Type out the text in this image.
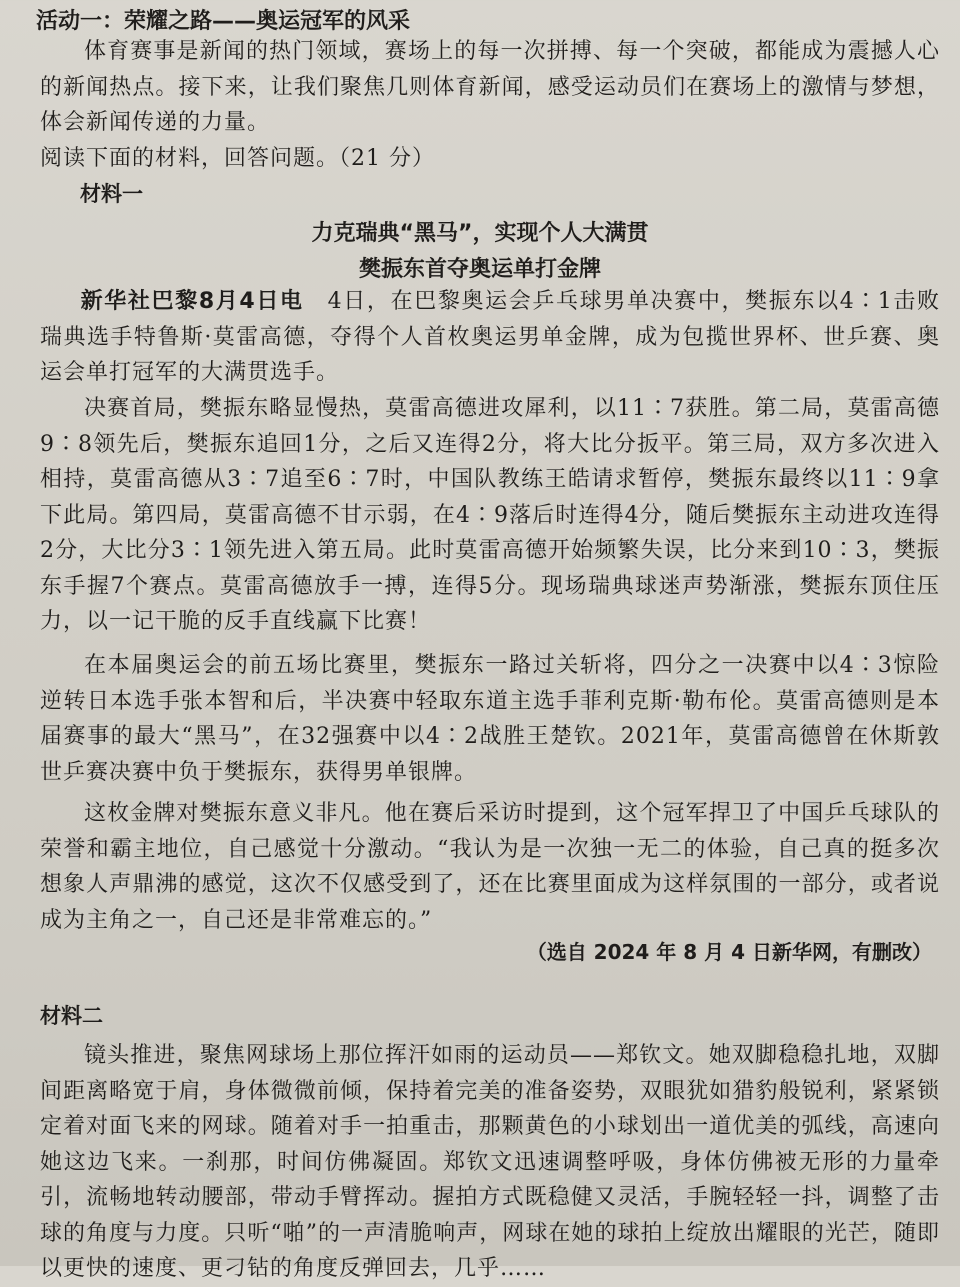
活动一：荣耀之路——奥运冠军的风采

体育赛事是新闻的热门领域，赛场上的每一次拼搏、每一个突破，都能成为震撼人心的新闻热点。接下来，让我们聚焦几则体育新闻，感受运动员们在赛场上的激情与梦想，体会新闻传递的力量。

阅读下面的材料，回答问题。（21 分）

材料一
力克瑞典“黑马”，实现个人大满贯
樊振东首夺奥运单打金牌

新华社巴黎8月4日电 4日，在巴黎奥运会乒乓球男单决赛中，樊振东以4∶1击败瑞典选手特鲁斯·莫雷高德，夺得个人首枚奥运男单金牌，成为包揽世界杯、世乒赛、奥运会单打冠军的大满贯选手。

决赛首局，樊振东略显慢热，莫雷高德进攻犀利，以11∶7获胜。第二局，莫雷高德9∶8领先后，樊振东追回1分，之后又连得2分，将大比分扳平。第三局，双方多次进入相持，莫雷高德从3∶7追至6∶7时，中国队教练王皓请求暂停，樊振东最终以11∶9拿下此局。第四局，莫雷高德不甘示弱，在4∶9落后时连得4分，随后樊振东主动进攻连得2分，大比分3∶1领先进入第五局。此时莫雷高德开始频繁失误，比分来到10∶3，樊振东手握7个赛点。莫雷高德放手一搏，连得5分。现场瑞典球迷声势渐涨，樊振东顶住压力，以一记干脆的反手直线赢下比赛！

在本届奥运会的前五场比赛里，樊振东一路过关斩将，四分之一决赛中以4∶3惊险逆转日本选手张本智和后，半决赛中轻取东道主选手菲利克斯·勒布伦。莫雷高德则是本届赛事的最大“黑马”，在32强赛中以4∶2战胜王楚钦。2021年，莫雷高德曾在休斯敦世乒赛决赛中负于樊振东，获得男单银牌。

这枚金牌对樊振东意义非凡。他在赛后采访时提到，这个冠军捍卫了中国乒乓球队的荣誉和霸主地位，自己感觉十分激动。“我认为是一次独一无二的体验，自己真的挺多次想象人声鼎沸的感觉，这次不仅感受到了，还在比赛里面成为这样氛围的一部分，或者说成为主角之一，自己还是非常难忘的。”

（选自 2024 年 8 月 4 日新华网，有删改）
材料二

镜头推进，聚焦网球场上那位挥汗如雨的运动员——郑钦文。她双脚稳稳扎地，双脚间距离略宽于肩，身体微微前倾，保持着完美的准备姿势，双眼犹如猎豹般锐利，紧紧锁定着对面飞来的网球。随着对手一拍重击，那颗黄色的小球划出一道优美的弧线，高速向她这边飞来。一刹那，时间仿佛凝固。郑钦文迅速调整呼吸，身体仿佛被无形的力量牵引，流畅地转动腰部，带动手臂挥动。握拍方式既稳健又灵活，手腕轻轻一抖，调整了击球的角度与力度。只听“啪”的一声清脆响声，网球在她的球拍上绽放出耀眼的光芒，随即以更快的速度、更刁钻的角度反弹回去，几乎……
